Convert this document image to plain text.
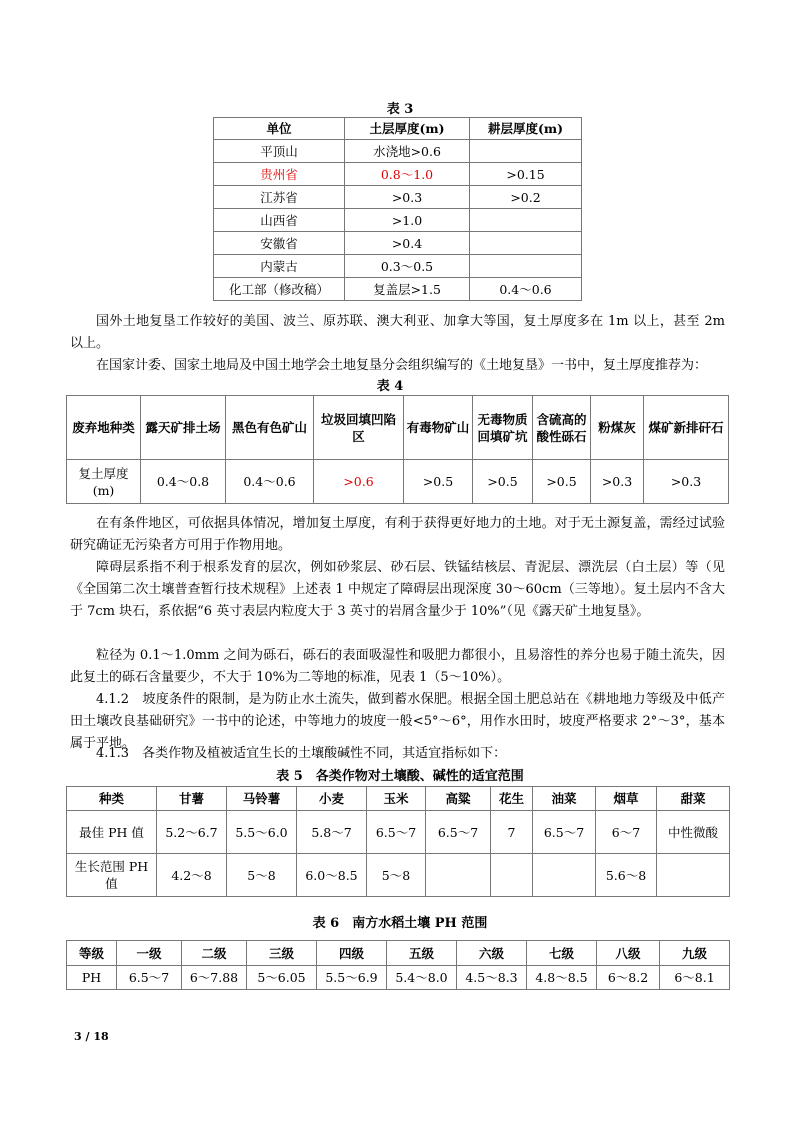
表 3
单位	土层厚度(m)	耕层厚度(m)
平顶山	水浇地>0.6	
贵州省	0.8～1.0	>0.15
江苏省	>0.3	>0.2
山西省	>1.0	
安徽省	>0.4	
内蒙古	0.3～0.5	
化工部（修改稿）	复盖层>1.5	0.4～0.6

国外土地复垦工作较好的美国、波兰、原苏联、澳大利亚、加拿大等国，复土厚度多在 1m 以上，甚至 2m 以上。

在国家计委、国家土地局及中国土地学会土地复垦分会组织编写的《土地复垦》一书中，复土厚度推荐为：

表 4
废弃地种类	露天矿排土场	黑色有色矿山	垃圾回填凹陷区	有毒物矿山	无毒物质回填矿坑	含硫高的酸性砾石	粉煤灰	煤矿新排矸石
复土厚度(m)	0.4～0.8	0.4～0.6	>0.6	>0.5	>0.5	>0.5	>0.3	>0.3

在有条件地区，可依据具体情况，增加复土厚度，有利于获得更好地力的土地。对于无土源复盖，需经过试验研究确证无污染者方可用于作物用地。

障碍层系指不利于根系发育的层次，例如砂浆层、砂石层、铁锰结核层、青泥层、漂洗层（白土层）等（见《全国第二次土壤普查暂行技术规程》上述表 1 中规定了障碍层出现深度 30～60cm（三等地）。复土层内不含大于 7cm 块石，系依据“6 英寸表层内粒度大于 3 英寸的岩屑含量少于 10%”（见《露天矿土地复垦》。

粒径为 0.1～1.0mm 之间为砾石，砾石的表面吸湿性和吸肥力都很小，且易溶性的养分也易于随土流失，因此复土的砾石含量要少，不大于 10%为二等地的标准，见表 1（5～10%）。

4.1.2　坡度条件的限制，是为防止水土流失，做到蓄水保肥。根据全国土肥总站在《耕地地力等级及中低产田土壤改良基础研究》一书中的论述，中等地力的坡度一般<5°～6°，用作水田时，坡度严格要求 2°～3°，基本属于平地。

4.1.3　各类作物及植被适宜生长的土壤酸碱性不同，其适宜指标如下：

表 5　各类作物对土壤酸、碱性的适宜范围
种类	甘薯	马铃薯	小麦	玉米	高粱	花生	油菜	烟草	甜菜
最佳 PH 值	5.2～6.7	5.5～6.0	5.8～7	6.5～7	6.5～7	7	6.5～7	6～7	中性微酸
生长范围 PH 值	4.2～8	5～8	6.0～8.5	5～8				5.6～8	
表 6　南方水稻土壤 PH 范围
等级	一级	二级	三级	四级	五级	六级	七级	八级	九级
PH	6.5～7	6～7.88	5～6.05	5.5～6.9	5.4～8.0	4.5～8.3	4.8～8.5	6～8.2	6～8.1
3 / 18
